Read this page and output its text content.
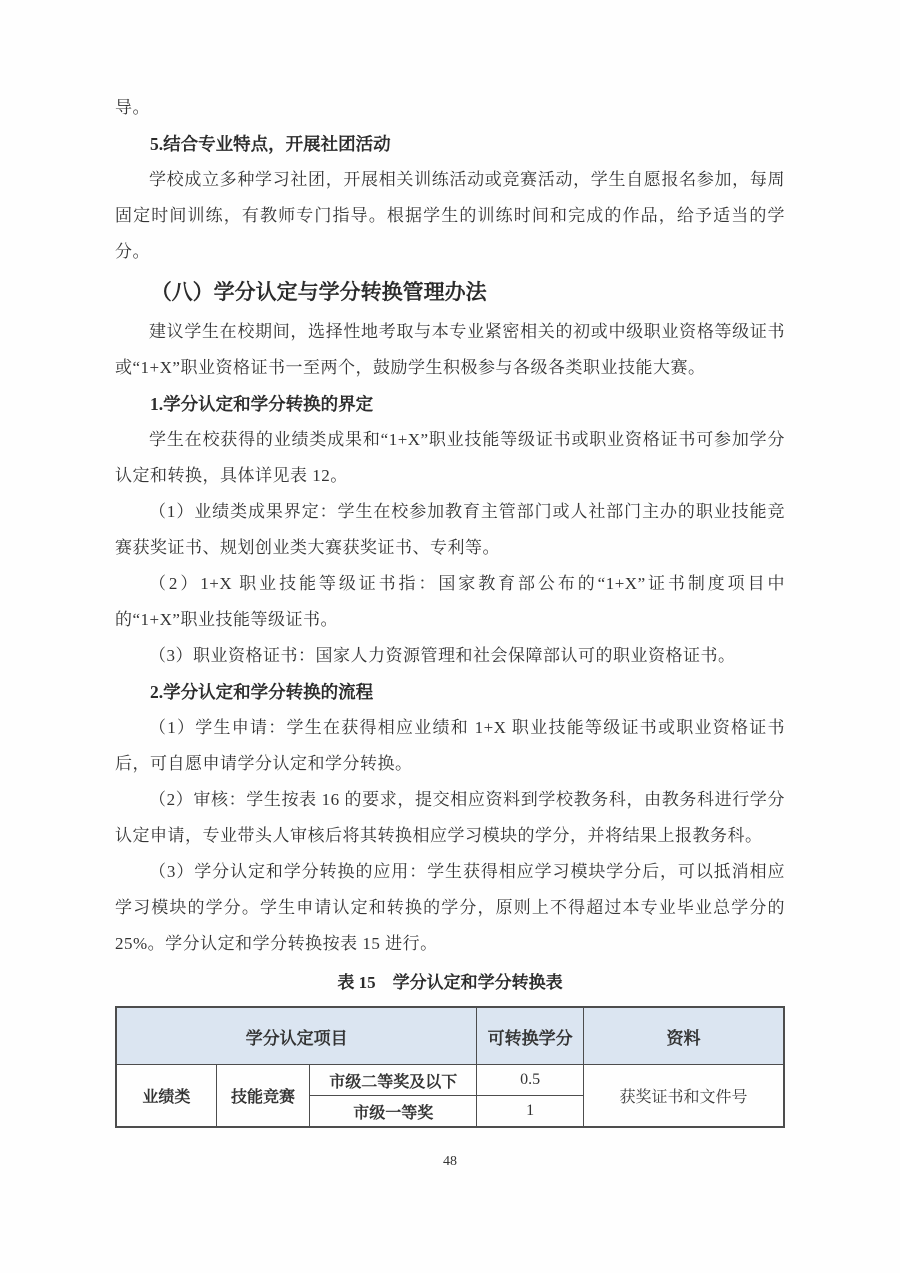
导。

5.结合专业特点，开展社团活动

学校成立多种学习社团，开展相关训练活动或竞赛活动，学生自愿报名参加，每周固定时间训练，有教师专门指导。根据学生的训练时间和完成的作品，给予适当的学分。

（八）学分认定与学分转换管理办法

建议学生在校期间，选择性地考取与本专业紧密相关的初或中级职业资格等级证书或“1+X”职业资格证书一至两个，鼓励学生积极参与各级各类职业技能大赛。

1.学分认定和学分转换的界定

学生在校获得的业绩类成果和“1+X”职业技能等级证书或职业资格证书可参加学分认定和转换，具体详见表 12。

（1）业绩类成果界定：学生在校参加教育主管部门或人社部门主办的职业技能竞赛获奖证书、规划创业类大赛获奖证书、专利等。

（2）1+X 职业技能等级证书指：国家教育部公布的“1+X”证书制度项目中的“1+X”职业技能等级证书。

（3）职业资格证书：国家人力资源管理和社会保障部认可的职业资格证书。

2.学分认定和学分转换的流程

（1）学生申请：学生在获得相应业绩和 1+X 职业技能等级证书或职业资格证书后，可自愿申请学分认定和学分转换。

（2）审核：学生按表 16 的要求，提交相应资料到学校教务科，由教务科进行学分认定申请，专业带头人审核后将其转换相应学习模块的学分，并将结果上报教务科。

（3）学分认定和学分转换的应用：学生获得相应学习模块学分后，可以抵消相应学习模块的学分。学生申请认定和转换的学分，原则上不得超过本专业毕业总学分的 25%。学分认定和学分转换按表 15 进行。

表 15　学分认定和学分转换表

学分认定项目			可转换学分	资料
业绩类	技能竞赛	市级二等奖及以下	0.5	获奖证书和文件号
		市级一等奖	1	
48
